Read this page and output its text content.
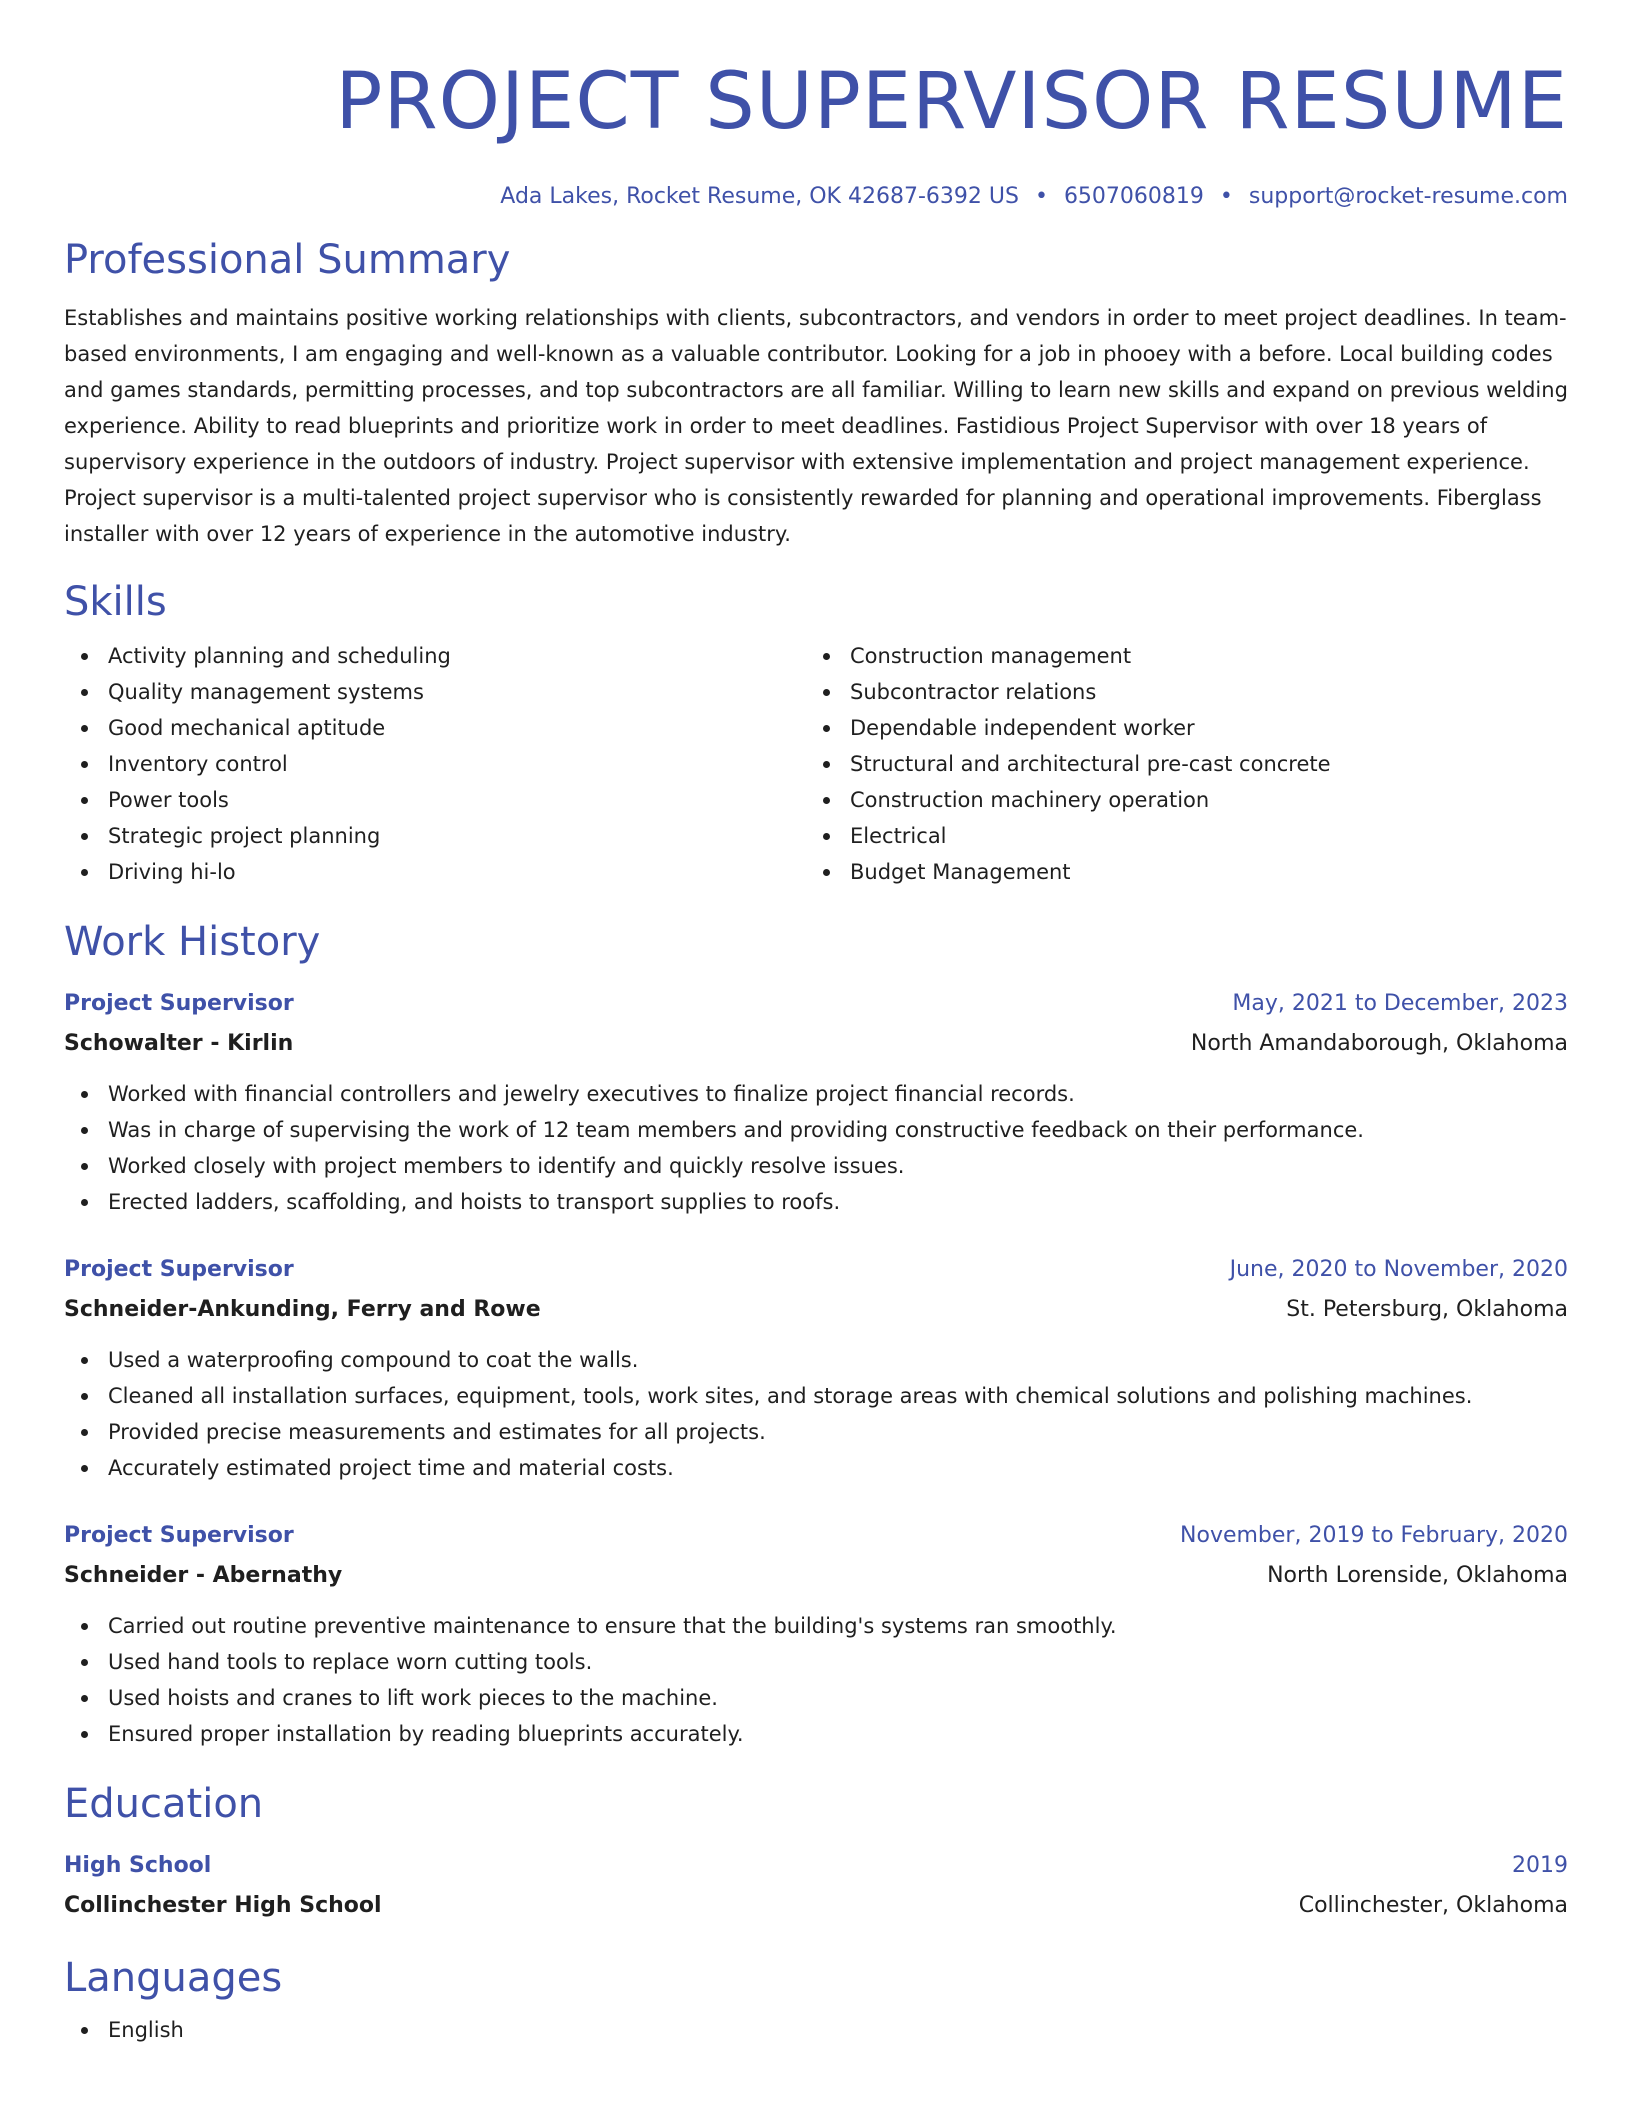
PROJECT SUPERVISOR RESUME
Ada Lakes, Rocket Resume, OK 42687-6392 US • 6507060819 • support@rocket-resume.com
Professional Summary
Establishes and maintains positive working relationships with clients, subcontractors, and vendors in order to meet project deadlines. In team-based environments, I am engaging and well-known as a valuable contributor. Looking for a job in phooey with a before. Local building codes and games standards, permitting processes, and top subcontractors are all familiar. Willing to learn new skills and expand on previous welding experience. Ability to read blueprints and prioritize work in order to meet deadlines. Fastidious Project Supervisor with over 18 years of supervisory experience in the outdoors of industry. Project supervisor with extensive implementation and project management experience. Project supervisor is a multi-talented project supervisor who is consistently rewarded for planning and operational improvements. Fiberglass installer with over 12 years of experience in the automotive industry.
Skills
Activity planning and scheduling
Quality management systems
Good mechanical aptitude
Inventory control
Power tools
Strategic project planning
Driving hi-lo
Construction management
Subcontractor relations
Dependable independent worker
Structural and architectural pre-cast concrete
Construction machinery operation
Electrical
Budget Management
Work History
Project Supervisor	May, 2021 to December, 2023
Schowalter - Kirlin	North Amandaborough, Oklahoma
Worked with financial controllers and jewelry executives to finalize project financial records.
Was in charge of supervising the work of 12 team members and providing constructive feedback on their performance.
Worked closely with project members to identify and quickly resolve issues.
Erected ladders, scaffolding, and hoists to transport supplies to roofs.
Project Supervisor	June, 2020 to November, 2020
Schneider-Ankunding, Ferry and Rowe	St. Petersburg, Oklahoma
Used a waterproofing compound to coat the walls.
Cleaned all installation surfaces, equipment, tools, work sites, and storage areas with chemical solutions and polishing machines.
Provided precise measurements and estimates for all projects.
Accurately estimated project time and material costs.
Project Supervisor	November, 2019 to February, 2020
Schneider - Abernathy	North Lorenside, Oklahoma
Carried out routine preventive maintenance to ensure that the building's systems ran smoothly.
Used hand tools to replace worn cutting tools.
Used hoists and cranes to lift work pieces to the machine.
Ensured proper installation by reading blueprints accurately.
Education
High School	2019
Collinchester High School	Collinchester, Oklahoma
Languages
English
